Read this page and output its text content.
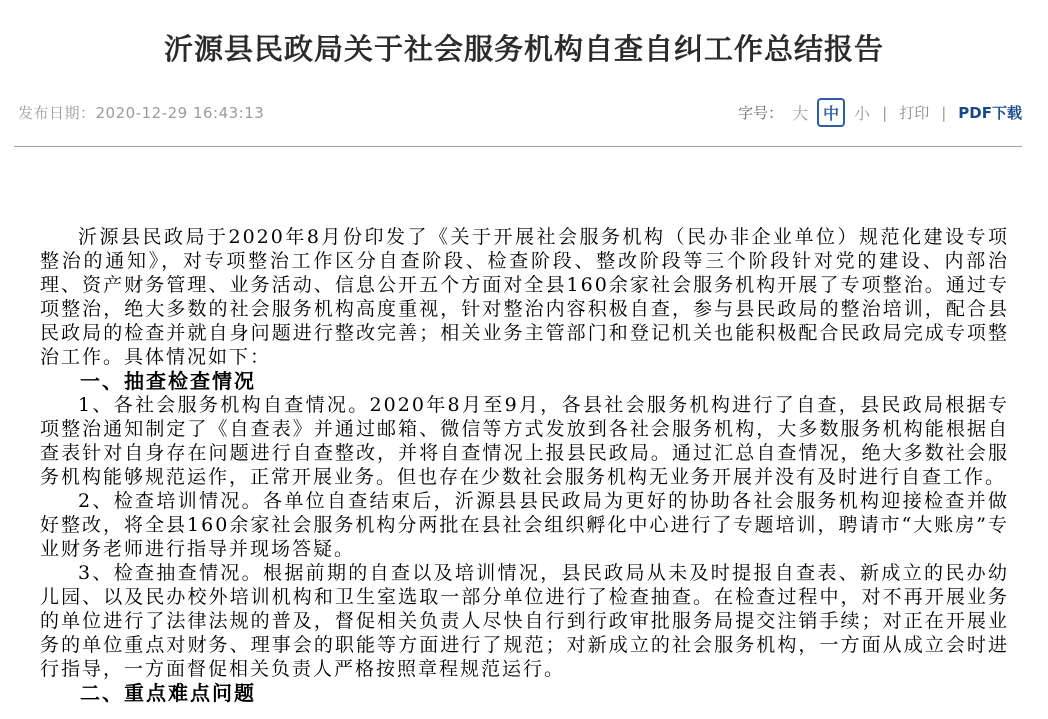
沂源县民政局关于社会服务机构自查自纠工作总结报告
发布日期：2020-12-29 16:43:13	字号： 大 中 小 | 打印 | PDF下载

沂源县民政局于2020年8月份印发了《关于开展社会服务机构（民办非企业单位）规范化建设专项整治的通知》，对专项整治工作区分自查阶段、检查阶段、整改阶段等三个阶段针对党的建设、内部治理、资产财务管理、业务活动、信息公开五个方面对全县160余家社会服务机构开展了专项整治。通过专项整治，绝大多数的社会服务机构高度重视，针对整治内容积极自查，参与县民政局的整治培训，配合县民政局的检查并就自身问题进行整改完善；相关业务主管部门和登记机关也能积极配合民政局完成专项整治工作。具体情况如下：

一、抽查检查情况

1、各社会服务机构自查情况。2020年8月至9月，各县社会服务机构进行了自查，县民政局根据专项整治通知制定了《自查表》并通过邮箱、微信等方式发放到各社会服务机构，大多数服务机构能根据自查表针对自身存在问题进行自查整改，并将自查情况上报县民政局。通过汇总自查情况，绝大多数社会服务机构能够规范运作，正常开展业务。但也存在少数社会服务机构无业务开展并没有及时进行自查工作。

2、检查培训情况。各单位自查结束后，沂源县县民政局为更好的协助各社会服务机构迎接检查并做好整改，将全县160余家社会服务机构分两批在县社会组织孵化中心进行了专题培训，聘请市“大账房”专业财务老师进行指导并现场答疑。

3、检查抽查情况。根据前期的自查以及培训情况，县民政局从未及时提报自查表、新成立的民办幼儿园、以及民办校外培训机构和卫生室选取一部分单位进行了检查抽查。在检查过程中，对不再开展业务的单位进行了法律法规的普及，督促相关负责人尽快自行到行政审批服务局提交注销手续；对正在开展业务的单位重点对财务、理事会的职能等方面进行了规范；对新成立的社会服务机构，一方面从成立会时进行指导，一方面督促相关负责人严格按照章程规范运行。

二、重点难点问题
